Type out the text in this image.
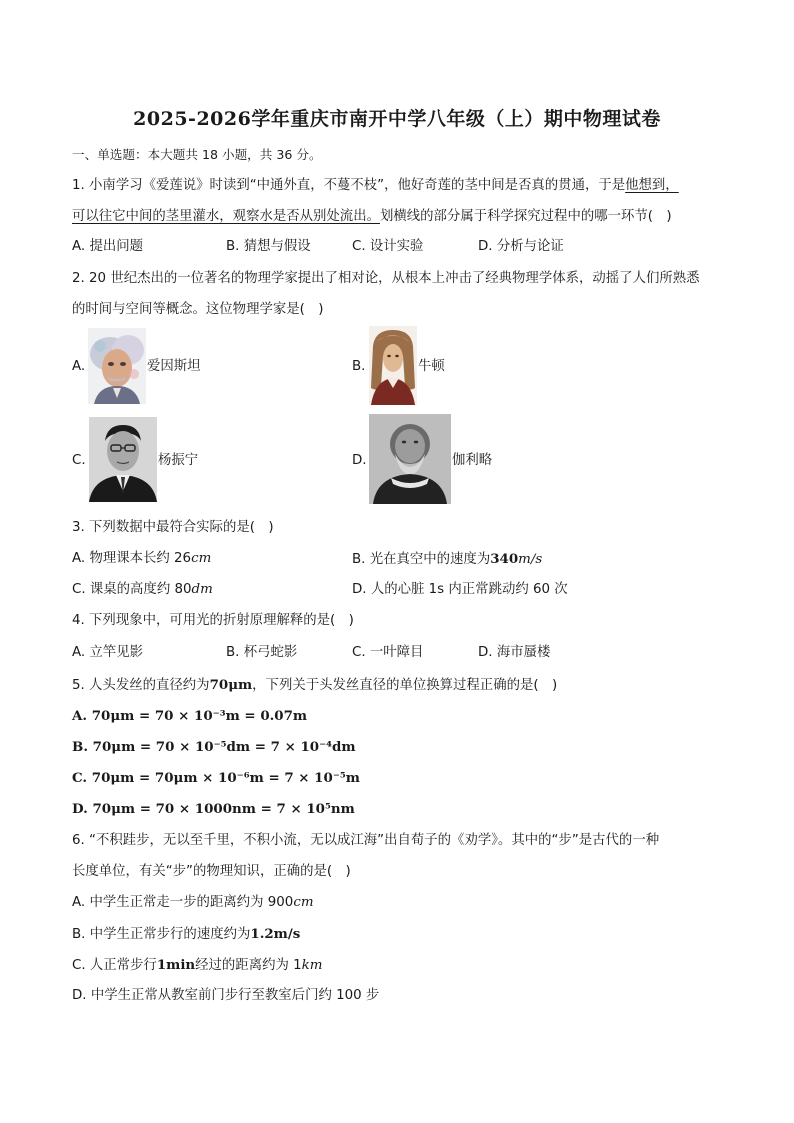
2025-2026学年重庆市南开中学八年级（上）期中物理试卷
一、单选题：本大题共 18 小题，共 36 分。
1. 小南学习《爱莲说》时读到“中通外直，不蔓不枝”，他好奇莲的茎中间是否真的贯通，于是他想到，
可以往它中间的茎里灌水，观察水是否从别处流出。划横线的部分属于科学探究过程中的哪一环节(　)
A. 提出问题	B. 猜想与假设	C. 设计实验	D. 分析与论证
2. 20 世纪杰出的一位著名的物理学家提出了相对论，从根本上冲击了经典物理学体系，动摇了人们所熟悉
的时间与空间等概念。这位物理学家是(　)
A.	爱因斯坦	B.	牛顿
C.	杨振宁	D.	伽利略
3. 下列数据中最符合实际的是(　)
A. 物理课本长约 26cm	B. 光在真空中的速度为340m/s
C. 课桌的高度约 80dm	D. 人的心脏 1s 内正常跳动约 60 次
4. 下列现象中，可用光的折射原理解释的是(　)
A. 立竿见影	B. 杯弓蛇影	C. 一叶障目	D. 海市蜃楼
5. 人头发丝的直径约为70μm，下列关于头发丝直径的单位换算过程正确的是(　)
A. 70μm = 70 × 10⁻³m = 0.07m
B. 70μm = 70 × 10⁻⁵dm = 7 × 10⁻⁴dm
C. 70μm = 70μm × 10⁻⁶m = 7 × 10⁻⁵m
D. 70μm = 70 × 1000nm = 7 × 10⁵nm
6. “不积跬步，无以至千里，不积小流，无以成江海”出自荀子的《劝学》。其中的“步”是古代的一种
长度单位，有关“步”的物理知识，正确的是(　)
A. 中学生正常走一步的距离约为 900cm
B. 中学生正常步行的速度约为1.2m/s
C. 人正常步行1min经过的距离约为 1km
D. 中学生正常从教室前门步行至教室后门约 100 步
